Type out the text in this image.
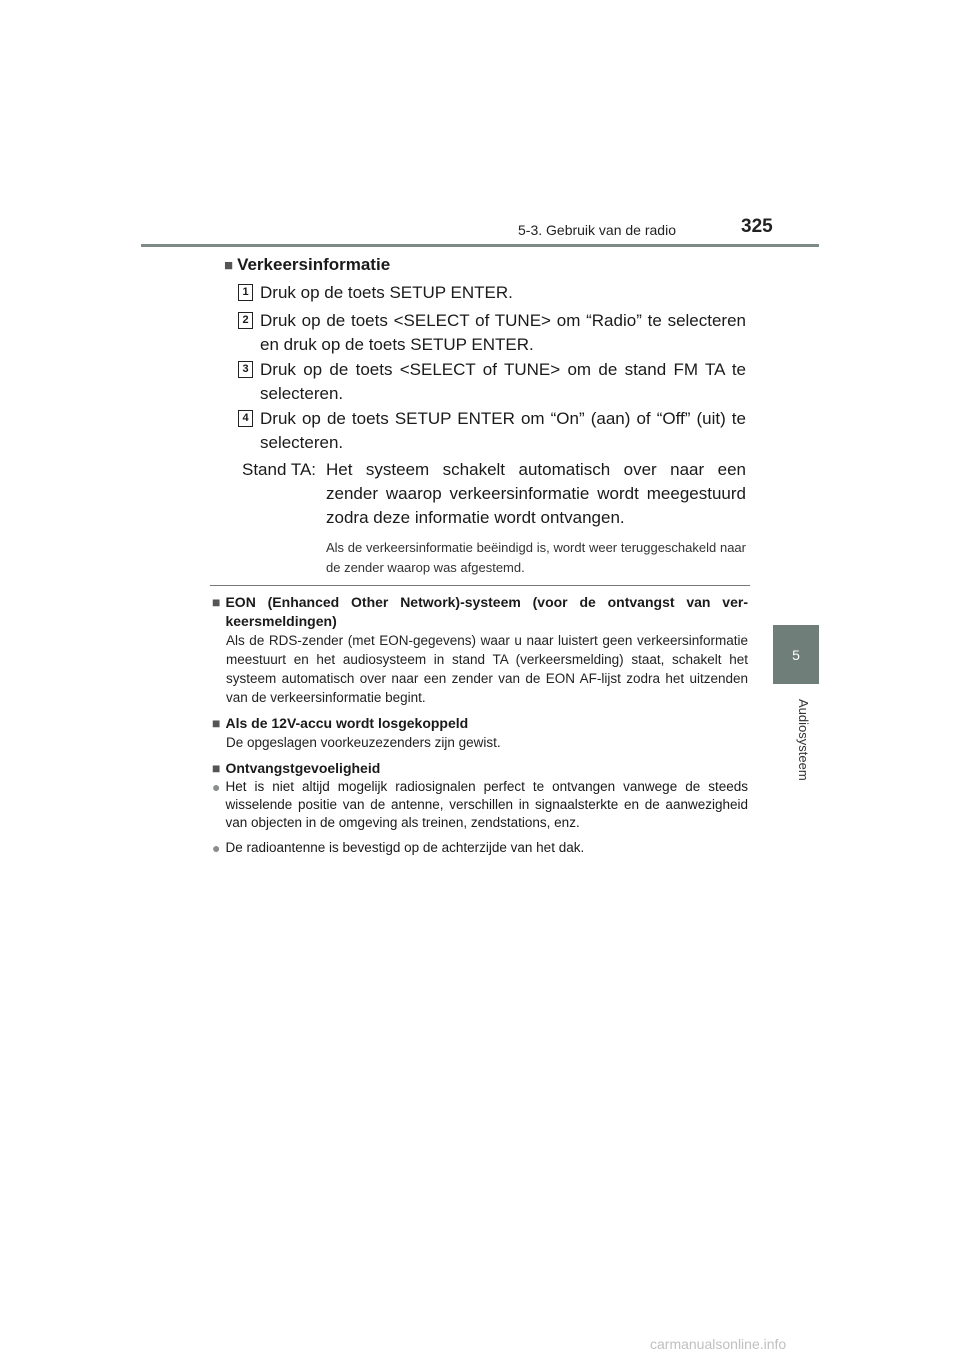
5-3. Gebruik van de radio	325
5
Audiosysteem
■ Verkeersinformatie
1 Druk op de toets SETUP ENTER.
2 Druk op de toets <SELECT of TUNE> om “Radio” te selecteren en druk op de toets SETUP ENTER.
3 Druk op de toets <SELECT of TUNE> om de stand FM TA te selecteren.
4 Druk op de toets SETUP ENTER om “On” (aan) of “Off” (uit) te selecteren.
Stand TA: Het systeem schakelt automatisch over naar een zender waarop verkeersinformatie wordt meegestuurd zodra deze informatie wordt ontvangen.
Als de verkeersinformatie beëindigd is, wordt weer teruggeschakeld naar de zender waarop was afgestemd.
■ EON (Enhanced Other Network)-systeem (voor de ontvangst van verkeersmeldingen)
Als de RDS-zender (met EON-gegevens) waar u naar luistert geen verkeersinformatie meestuurt en het audiosysteem in stand TA (verkeersmelding) staat, schakelt het systeem automatisch over naar een zender van de EON AF-lijst zodra het uitzenden van de verkeersinformatie begint.
■ Als de 12V-accu wordt losgekoppeld
De opgeslagen voorkeuzezenders zijn gewist.
■ Ontvangstgevoeligheid
● Het is niet altijd mogelijk radiosignalen perfect te ontvangen vanwege de steeds wisselende positie van de antenne, verschillen in signaalsterkte en de aanwezigheid van objecten in de omgeving als treinen, zendstations, enz.
● De radioantenne is bevestigd op de achterzijde van het dak.
carmanualsonline.info
